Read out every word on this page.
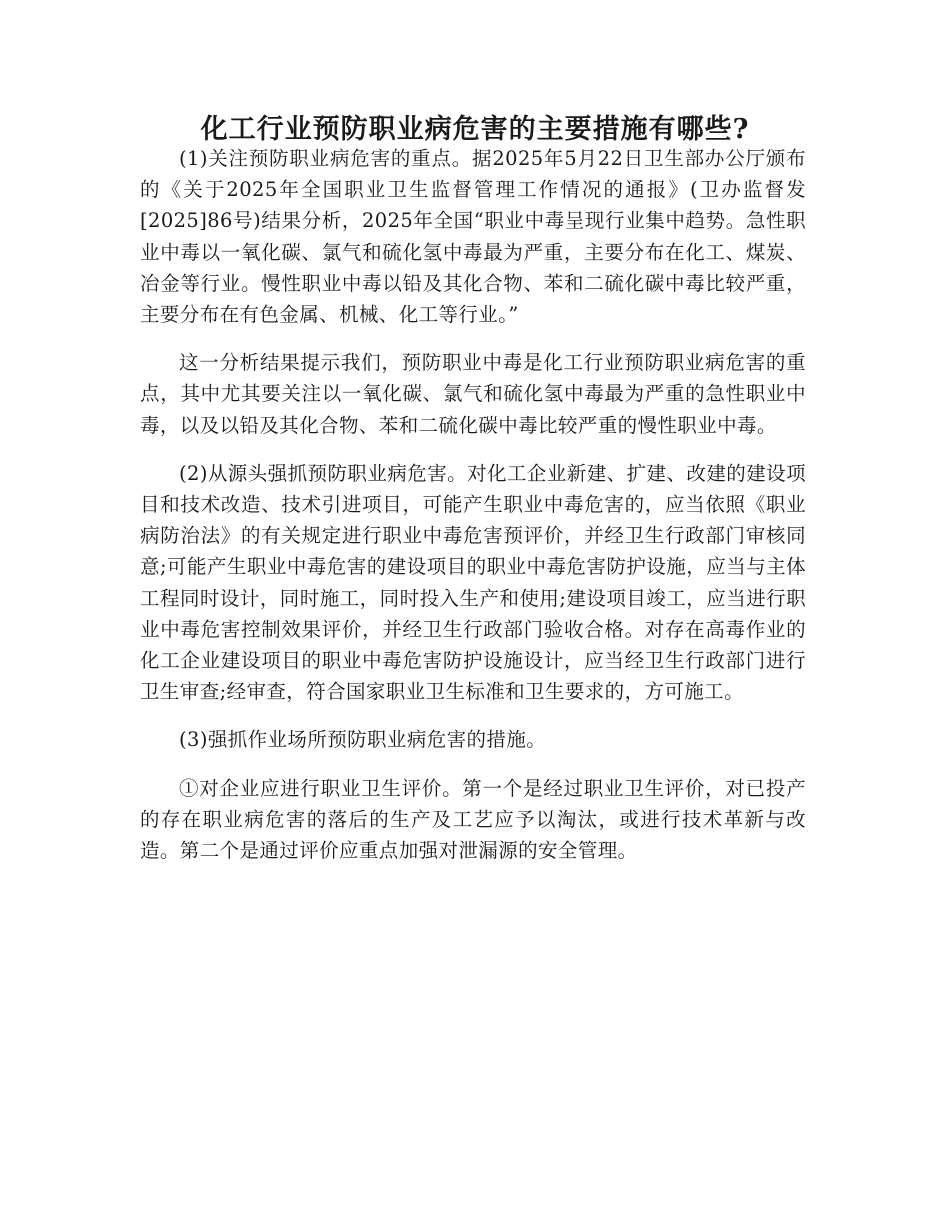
化工行业预防职业病危害的主要措施有哪些?

(1)关注预防职业病危害的重点。据2025年5月22日卫生部办公厅颁布的《关于2025年全国职业卫生监督管理工作情况的通报》(卫办监督发[2025]86号)结果分析，2025年全国“职业中毒呈现行业集中趋势。急性职业中毒以一氧化碳、氯气和硫化氢中毒最为严重，主要分布在化工、煤炭、冶金等行业。慢性职业中毒以铅及其化合物、苯和二硫化碳中毒比较严重，主要分布在有色金属、机械、化工等行业。”

这一分析结果提示我们，预防职业中毒是化工行业预防职业病危害的重点，其中尤其要关注以一氧化碳、氯气和硫化氢中毒最为严重的急性职业中毒，以及以铅及其化合物、苯和二硫化碳中毒比较严重的慢性职业中毒。

(2)从源头强抓预防职业病危害。对化工企业新建、扩建、改建的建设项目和技术改造、技术引进项目，可能产生职业中毒危害的，应当依照《职业病防治法》的有关规定进行职业中毒危害预评价，并经卫生行政部门审核同意;可能产生职业中毒危害的建设项目的职业中毒危害防护设施，应当与主体工程同时设计，同时施工，同时投入生产和使用;建设项目竣工，应当进行职业中毒危害控制效果评价，并经卫生行政部门验收合格。对存在高毒作业的化工企业建设项目的职业中毒危害防护设施设计，应当经卫生行政部门进行卫生审查;经审查，符合国家职业卫生标准和卫生要求的，方可施工。

(3)强抓作业场所预防职业病危害的措施。

①对企业应进行职业卫生评价。第一个是经过职业卫生评价，对已投产的存在职业病危害的落后的生产及工艺应予以淘汰，或进行技术革新与改造。第二个是通过评价应重点加强对泄漏源的安全管理。
